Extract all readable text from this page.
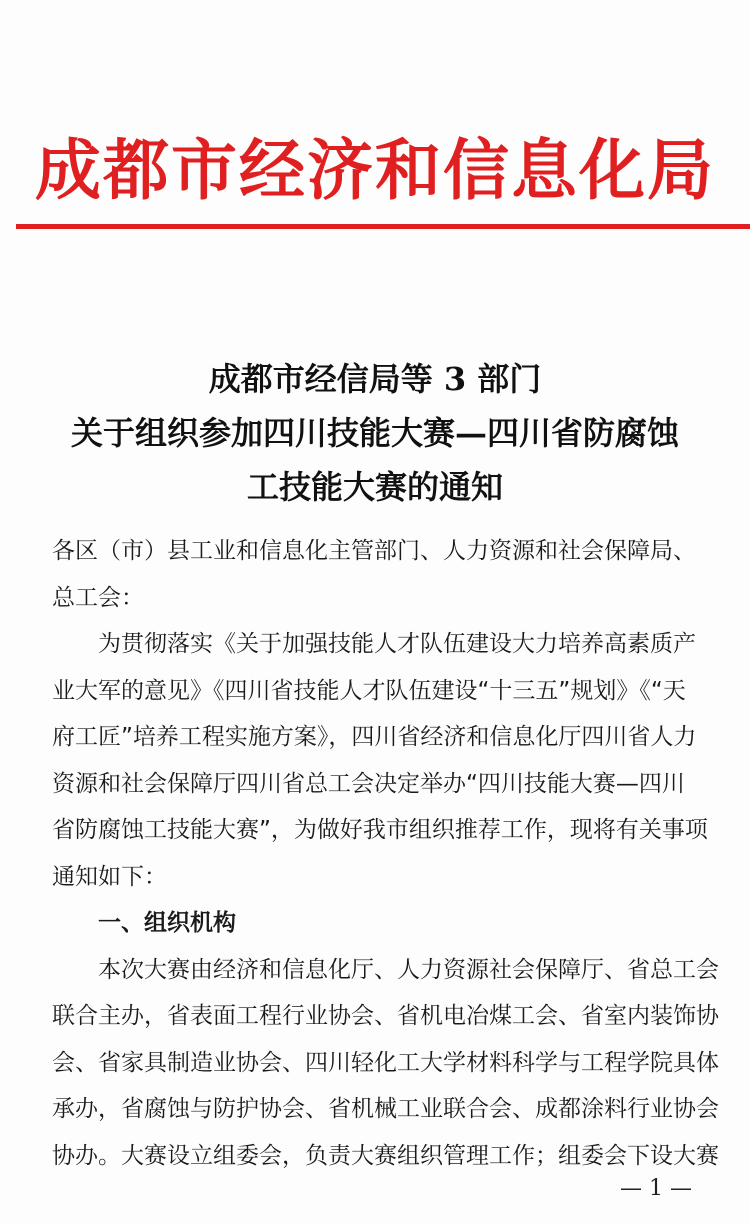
成都市经济和信息化局
成都市经信局等 3 部门
关于组织参加四川技能大赛—四川省防腐蚀
工技能大赛的通知
各区（市）县工业和信息化主管部门、人力资源和社会保障局、
总工会：
为贯彻落实《关于加强技能人才队伍建设大力培养高素质产
业大军的意见》《四川省技能人才队伍建设“十三五”规划》《“天
府工匠”培养工程实施方案》，四川省经济和信息化厅四川省人力
资源和社会保障厅四川省总工会决定举办“四川技能大赛—四川
省防腐蚀工技能大赛”，为做好我市组织推荐工作，现将有关事项
通知如下：
一、组织机构
本次大赛由经济和信息化厅、人力资源社会保障厅、省总工会
联合主办，省表面工程行业协会、省机电冶煤工会、省室内装饰协
会、省家具制造业协会、四川轻化工大学材料科学与工程学院具体
承办，省腐蚀与防护协会、省机械工业联合会、成都涂料行业协会
协办。大赛设立组委会，负责大赛组织管理工作；组委会下设大赛
— 1 —
